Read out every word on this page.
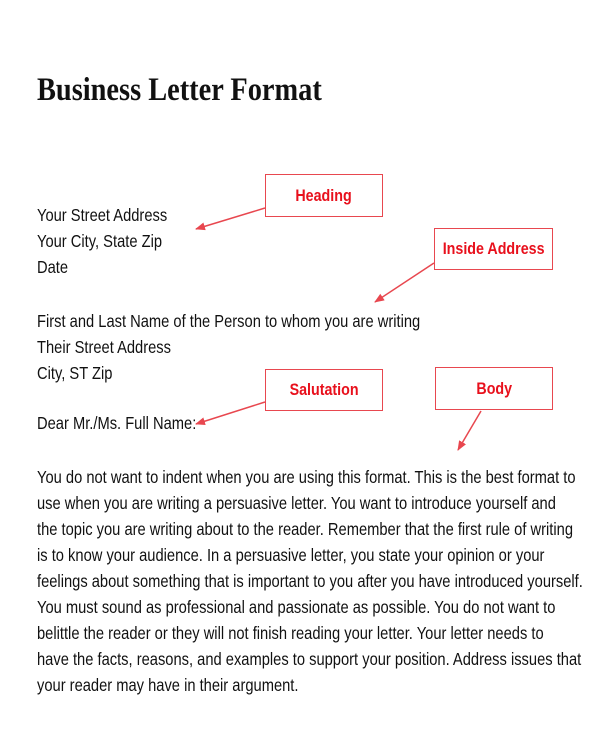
Business Letter Format
Your Street Address
Your City, State Zip
Date
First and Last Name of the Person to whom you are writing
Their Street Address
City, ST Zip
Dear Mr./Ms. Full Name:
You do not want to indent when you are using this format. This is the best format to
use when you are writing a persuasive letter. You want to introduce yourself and
the topic you are writing about to the reader. Remember that the first rule of writing
is to know your audience. In a persuasive letter, you state your opinion or your
feelings about something that is important to you after you have introduced yourself.
You must sound as professional and passionate as possible. You do not want to
belittle the reader or they will not finish reading your letter. Your letter needs to
have the facts, reasons, and examples to support your position. Address issues that
your reader may have in their argument.
Heading
Inside Address
Salutation	Body
